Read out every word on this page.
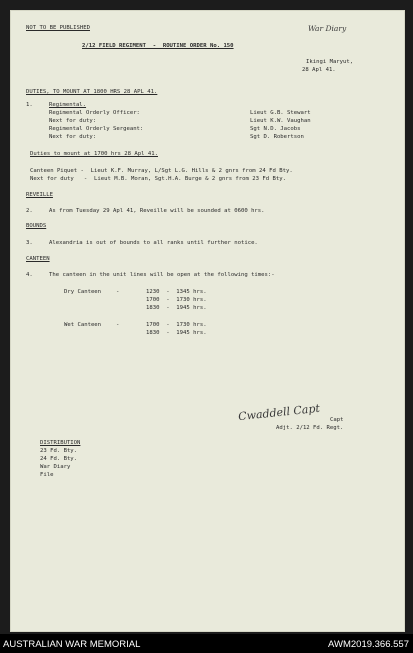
NOT TO BE PUBLISHED	War Diary
2/12 FIELD REGIMENT  -  ROUTINE ORDER No. 150
Ikingi Maryut,
28 Apl 41.
DUTIES, TO MOUNT AT 1800 HRS 28 APL 41.
1.	Regimental.
Regimental Orderly Officer:	Lieut G.B. Stewart
Next for duty:	Lieut K.W. Vaughan
Regimental Orderly Sergeant:	Sgt N.D. Jacobs
Next for duty:	Sgt D. Robertson
Duties to mount at 1700 hrs 28 Apl 41.
Canteen Piquet -  Lieut K.F. Murray, L/Sgt L.G. Hills & 2 gnrs from 24 Fd Bty.
Next for duty   -  Lieut M.B. Moran, Sgt.H.A. Burge & 2 gnrs from 23 Fd Bty.
REVEILLE
2.	As from Tuesday 29 Apl 41, Reveille will be sounded at 0600 hrs.
BOUNDS
3.	Alexandria is out of bounds to all ranks until further notice.
CANTEEN
4.	The canteen in the unit lines will be open at the following times:-
Dry Canteen	-	1230  -  1345 hrs.
1700  -  1730 hrs.
1830  -  1945 hrs.
Wet Canteen	-	1700  -  1730 hrs.
1830  -  1945 hrs.
Cwaddell Capt Capt
Adjt. 2/12 Fd. Regt.
DISTRIBUTION
23 Fd. Bty.
24 Fd. Bty.
War Diary
File
AUSTRALIAN WAR MEMORIAL	AWM2019.366.557
